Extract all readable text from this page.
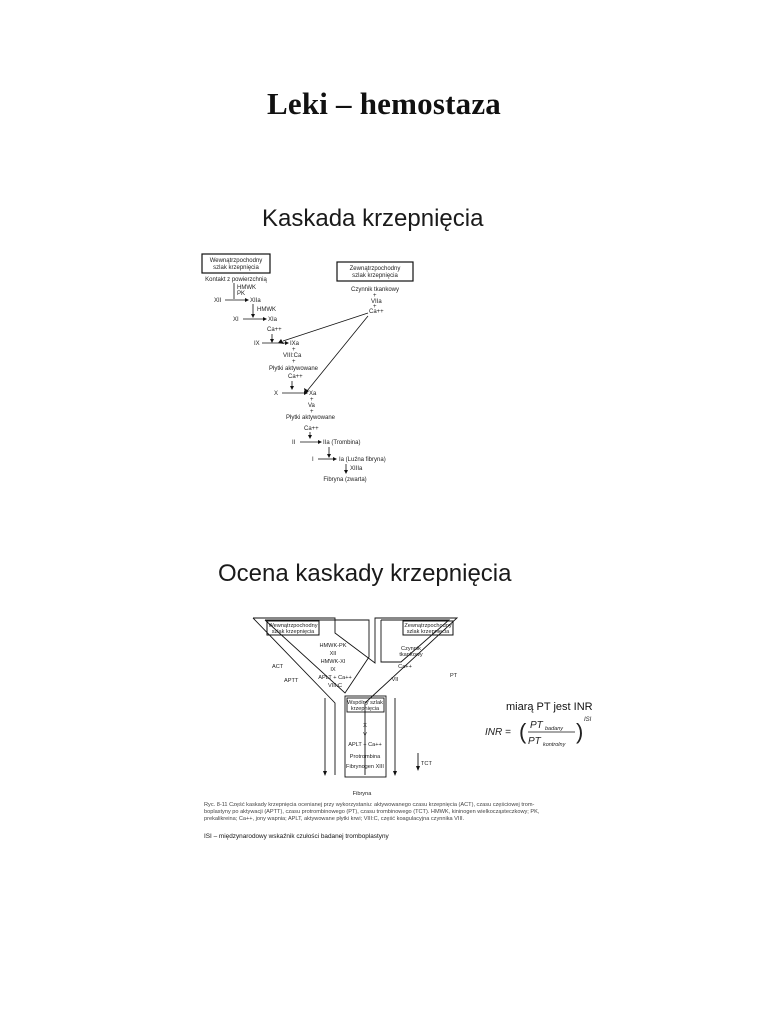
Leki – hemostaza
Kaskada krzepnięcia
Wewnątrzpochodny
szlak krzepnięcia	Zewnątrzpochodny
szlak krzepnięcia
Kontakt z powierzchnią
HMWK
PK
XII	XIIa
HMWK
XI	XIa
Ca++
IX	IXa
+
VIII:Ca
+
Płytki aktywowane
Ca++
X	Xa
+
Va
+
Płytki aktywowane
Ca++
II	IIa (Trombina)
I	Ia (Luźna fibryna)
XIIIa
Fibryna (zwarta)
Czynnik tkankowy
+
VIIa
+
Ca++
Ocena kaskady krzepnięcia
Wewnątrzpochodny
szlak krzepnięcia
Zewnątrzpochodny
szlak krzepnięcia
HMWK-PK
XII
HMWK-XI
IX
APLT + Ca++
VIII:C
Czynnik
tkankowy
Ca++
VII
Wspólny szlak
krzepnięcia
X
V
APLT + Ca++
Protrombina
Fibrynogen XIII
ACT
APTT
PT
TCT
Fibryna
miarą PT jest INR
INR = ( PT badany
PT kontrolny
) ISI
Ryc. 8-11 Część kaskady krzepnięcia ocenianej przy wykorzystaniu: aktywowanego czasu krzepnięcia (ACT), czasu częściowej trom-
boplastyny po aktywacji (APTT), czasu protrombinowego (PT), czasu trombinowego (TCT). HMWK, kininogen wielkocząsteczkowy; PK,
prekalikreina; Ca++, jony wapnia; APLT, aktywowane płytki krwi; VIII:C, część koagulacyjna czynnika VIII.
ISI – międzynarodowy wskaźnik czułości badanej tromboplastyny
